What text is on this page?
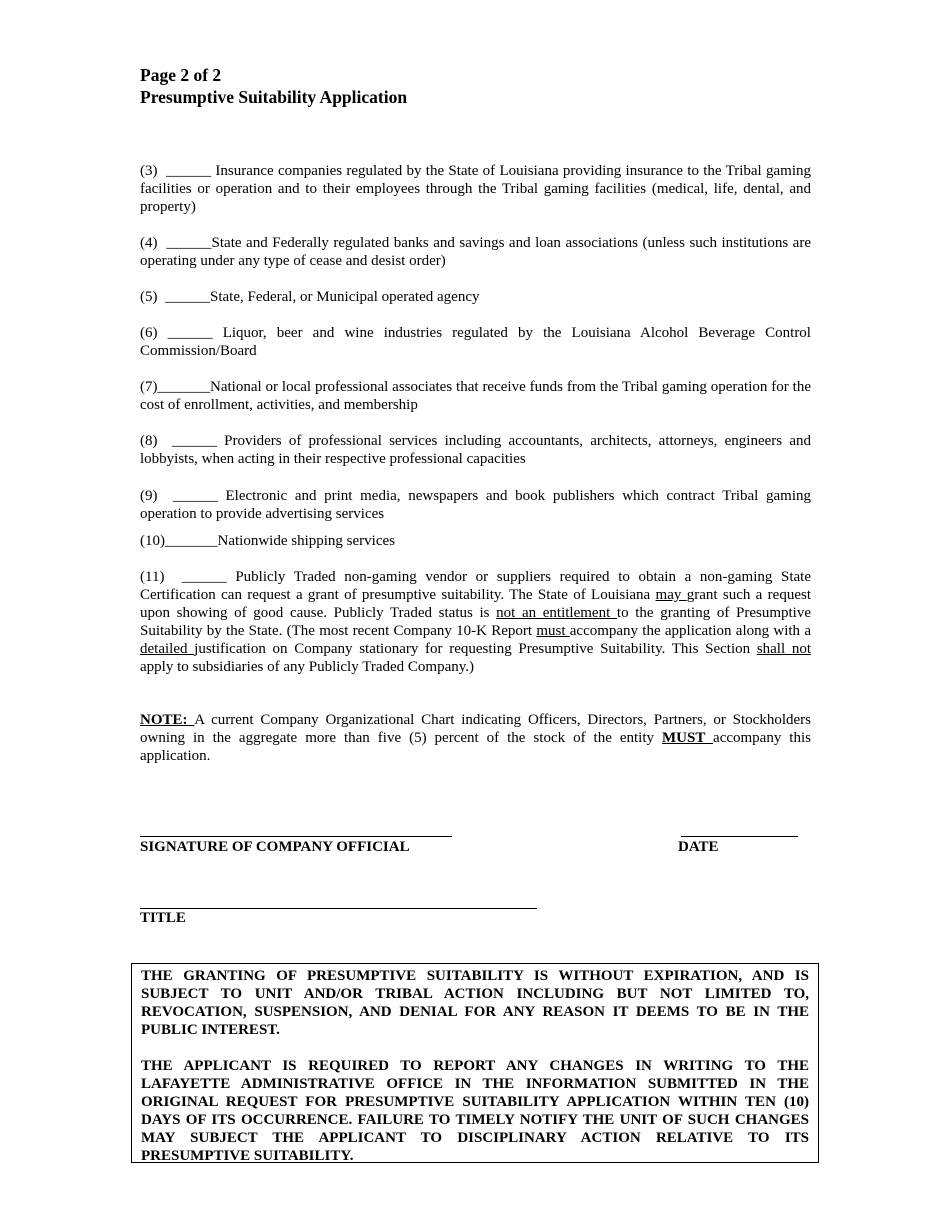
Page 2 of 2
Presumptive Suitability Application
(3)  ______ Insurance companies regulated by the State of Louisiana providing insurance to the Tribal gaming facilities or operation and to their employees through the Tribal gaming facilities (medical, life, dental, and property)
(4)  ______State and Federally regulated banks and savings and loan associations (unless such institutions are operating under any type of cease and desist order)
(5)  ______State, Federal, or Municipal operated agency
(6) ______ Liquor, beer and wine industries regulated by the Louisiana Alcohol Beverage Control Commission/Board
(7)_______National or local professional associates that receive funds from the Tribal gaming operation for the cost of enrollment, activities, and membership
(8)  ______ Providers of professional services including accountants, architects, attorneys, engineers and lobbyists, when acting in their respective professional capacities
(9)  ______ Electronic and print media, newspapers and book publishers which contract Tribal gaming operation to provide advertising services
(10)_______Nationwide shipping services
(11)  ______ Publicly Traded non-gaming vendor or suppliers required to obtain a non-gaming State Certification can request a grant of presumptive suitability. The State of Louisiana may grant such a request upon showing of good cause. Publicly Traded status is not an entitlement to the granting of Presumptive Suitability by the State. (The most recent Company 10-K Report must accompany the application along with a detailed justification on Company stationary for requesting Presumptive Suitability. This Section shall not apply to subsidiaries of any Publicly Traded Company.)
NOTE: A current Company Organizational Chart indicating Officers, Directors, Partners, or Stockholders owning in the aggregate more than five (5) percent of the stock of the entity MUST accompany this application.
SIGNATURE OF COMPANY OFFICIAL	DATE
TITLE

THE GRANTING OF PRESUMPTIVE SUITABILITY IS WITHOUT EXPIRATION, AND IS SUBJECT TO UNIT AND/OR TRIBAL ACTION INCLUDING BUT NOT LIMITED TO, REVOCATION, SUSPENSION, AND DENIAL FOR ANY REASON IT DEEMS TO BE IN THE PUBLIC INTEREST.

THE APPLICANT IS REQUIRED TO REPORT ANY CHANGES IN WRITING TO THE LAFAYETTE ADMINISTRATIVE OFFICE IN THE INFORMATION SUBMITTED IN THE ORIGINAL REQUEST FOR PRESUMPTIVE SUITABILITY APPLICATION WITHIN TEN (10) DAYS OF ITS OCCURRENCE. FAILURE TO TIMELY NOTIFY THE UNIT OF SUCH CHANGES MAY SUBJECT THE APPLICANT TO DISCIPLINARY ACTION RELATIVE TO ITS PRESUMPTIVE SUITABILITY.
